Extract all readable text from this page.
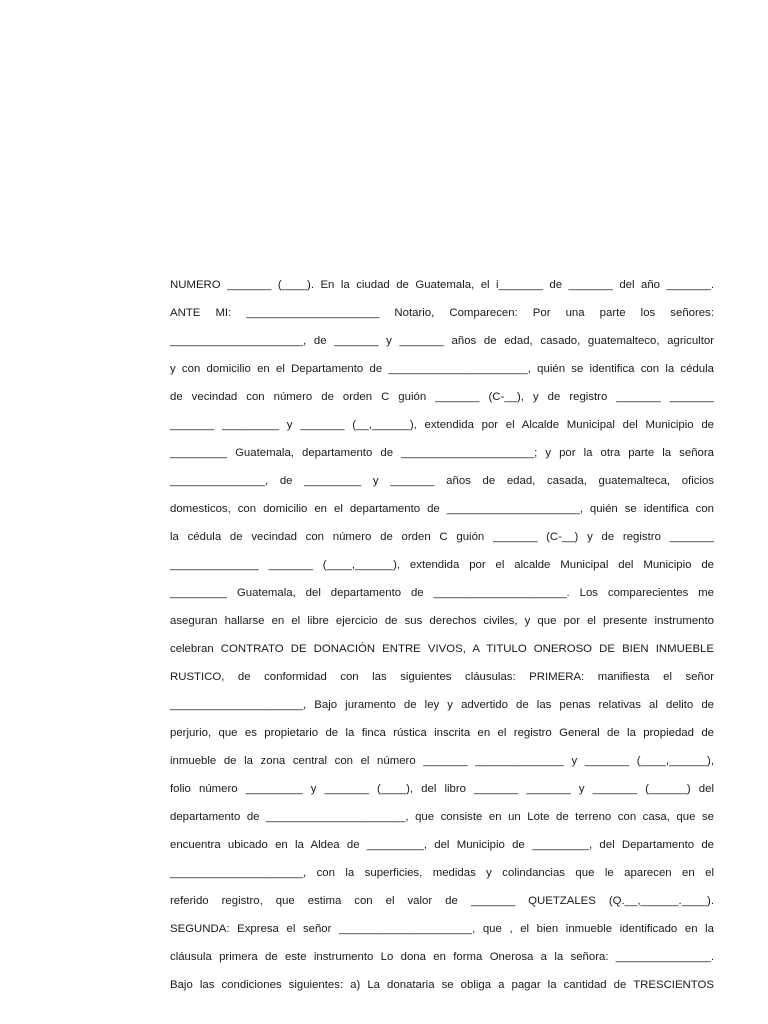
NUMERO _______ (____). En la ciudad de Guatemala, el i_______ de _______ del año _______.
ANTE MI: _____________________ Notario, Comparecen: Por una parte los señores:
_____________________, de _______ y _______ años de edad, casado, guatemalteco, agricultor
y con domicilio en el Departamento de ______________________, quién se identifica con la cédula
de vecindad con número de orden C guión _______ (C-__), y de registro _______ _______
_______ _________ y _______ (__,______), extendida por el Alcalde Municipal del Municipio de
_________ Guatemala, departamento de _____________________; y por la otra parte la señora
_______________, de _________ y _______ años de edad, casada, guatemalteca, oficios
domesticos, con domicilio en el departamento de _____________________, quién se identifica con
la cédula de vecindad con número de orden C guión _______ (C-__) y de registro _______
______________ _______ (____,______), extendida por el alcalde Municipal del Municipio de
_________ Guatemala, del departamento de _____________________. Los comparecientes me
aseguran hallarse en el libre ejercicio de sus derechos civiles, y que por el presente instrumento
celebran CONTRATO DE DONACIÓN ENTRE VIVOS, A TITULO ONEROSO DE BIEN INMUEBLE
RUSTICO, de conformidad con las siguientes cláusulas: PRIMERA: manifiesta el señor
_____________________, Bajo juramento de ley y advertido de las penas relativas al delito de
perjurio, que es propietario de la finca rústica inscrita en el registro General de la propiedad de
inmueble de la zona central con el número _______ ______________ y _______ (____,______),
folio número _________ y _______ (____), del libro _______ _______ y _______ (______) del
departamento de ______________________, que consiste en un Lote de terreno con casa, que se
encuentra ubicado en la Aldea de _________, del Municipio de _________, del Departamento de
_____________________, con la superficies, medidas y colindancias que le aparecen en el
referido registro, que estima con el valor de _______ QUETZALES (Q.__,______.____).
SEGUNDA: Expresa el señor _____________________, que , el bien inmueble identificado en la
cláusula primera de este instrumento Lo dona en forma Onerosa a la señora: _______________.
Bajo las condiciones siguientes: a) La donataria se obliga a pagar la cantidad de TRESCIENTOS
